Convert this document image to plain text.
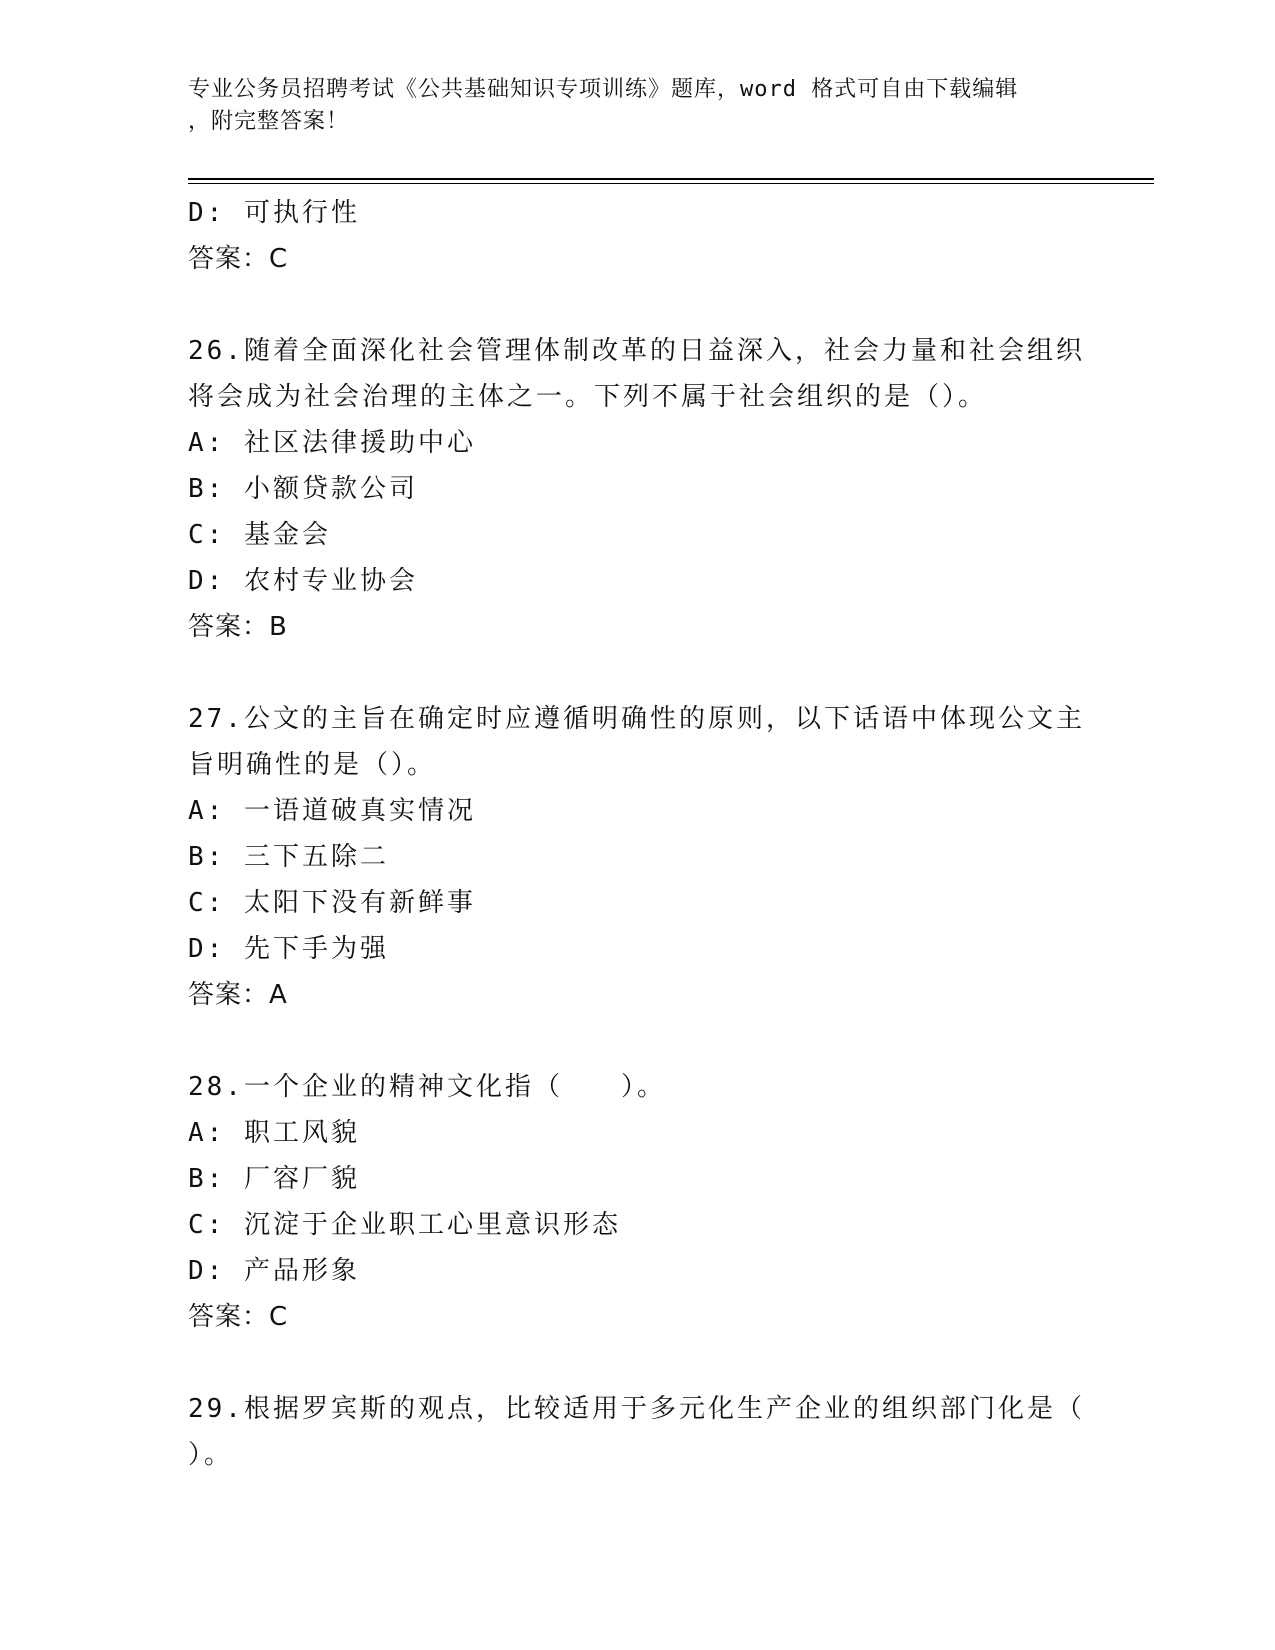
专业公务员招聘考试《公共基础知识专项训练》题库，word 格式可自由下载编辑
，附完整答案！
D: 可执行性
答案：C
26.随着全面深化社会管理体制改革的日益深入，社会力量和社会组织
将会成为社会治理的主体之一。下列不属于社会组织的是（）。
A: 社区法律援助中心
B: 小额贷款公司
C: 基金会
D: 农村专业协会
答案：B
27.公文的主旨在确定时应遵循明确性的原则，以下话语中体现公文主
旨明确性的是（）。
A: 一语道破真实情况
B: 三下五除二
C: 太阳下没有新鲜事
D: 先下手为强
答案：A
28.一个企业的精神文化指（　　）。
A: 职工风貌
B: 厂容厂貌
C: 沉淀于企业职工心里意识形态
D: 产品形象
答案：C
29.根据罗宾斯的观点，比较适用于多元化生产企业的组织部门化是（
）。
